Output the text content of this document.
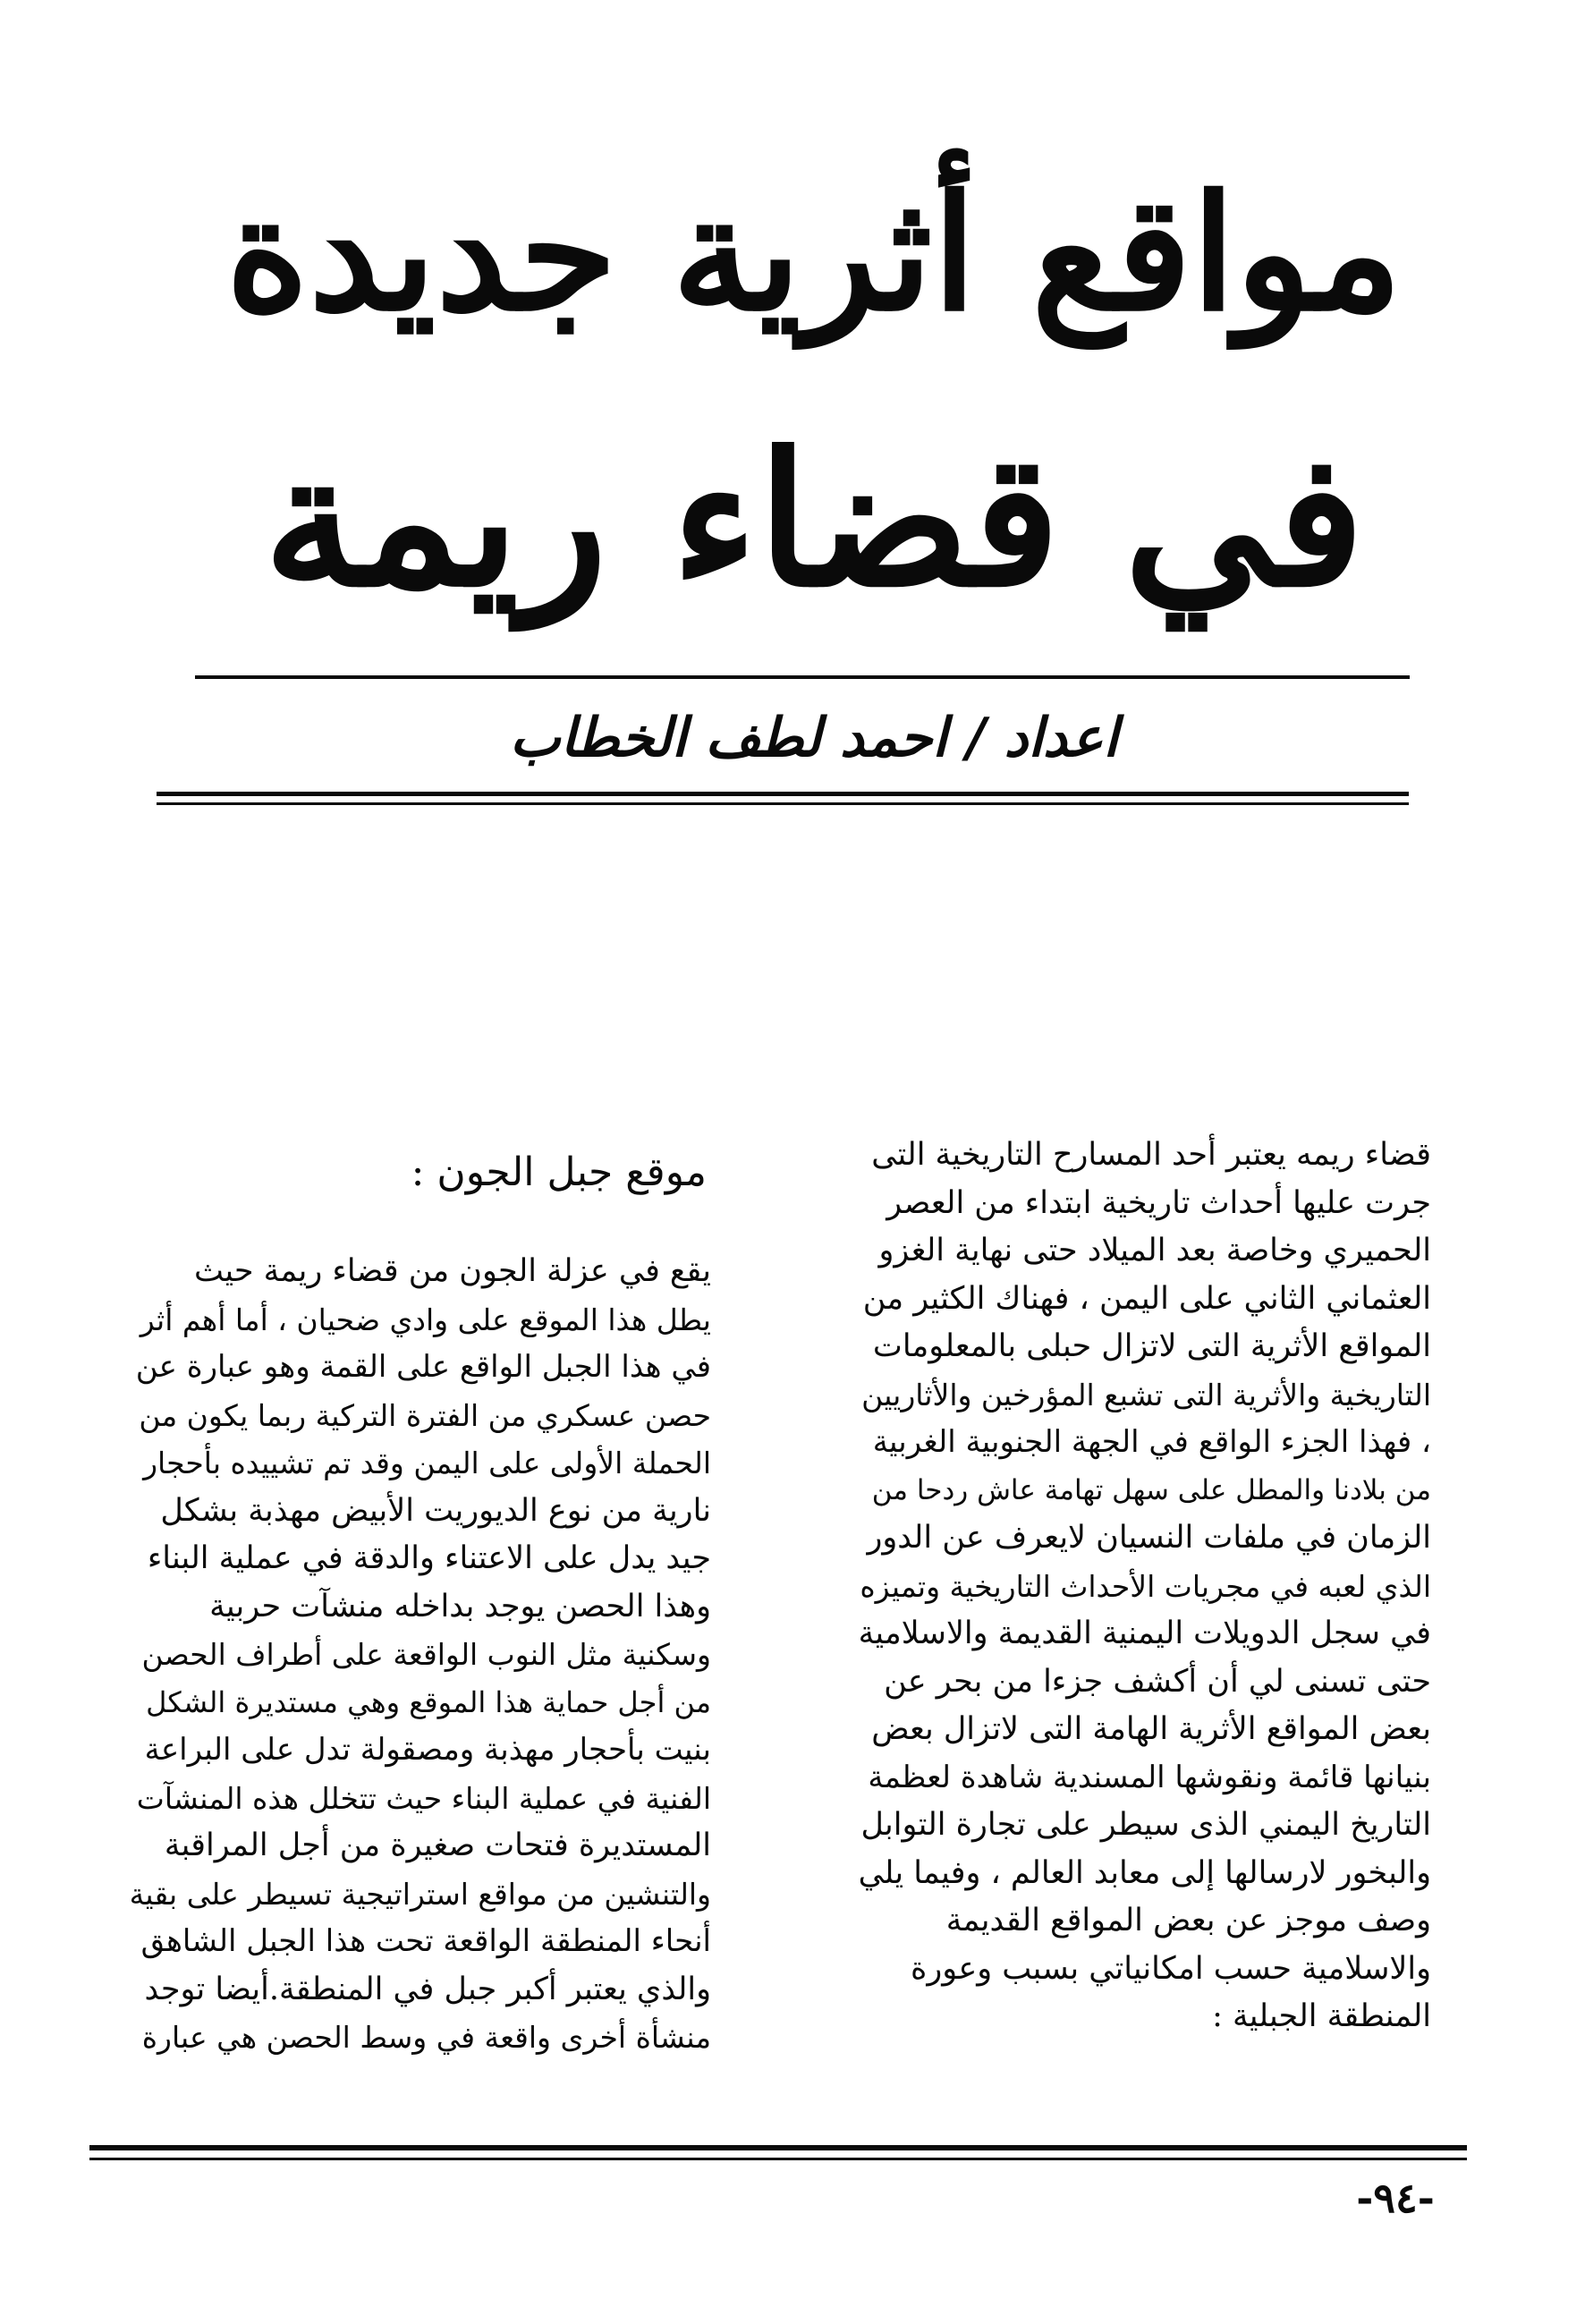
مواقع أثرية جديدة
في قضاء ريمة
اعداد / احمد لطف الخطاب

قضاء ريمه يعتبر أحد المسارح التاريخية التى

جرت عليها أحداث تاريخية ابتداء من العصر

الحميري وخاصة بعد الميلاد حتى نهاية الغزو

العثماني الثاني على اليمن ، فهناك الكثير من

المواقع الأثرية التى لاتزال حبلى بالمعلومات

التاريخية والأثرية التى تشبع المؤرخين والأثاريين

، فهذا الجزء الواقع في الجهة الجنوبية الغربية

من بلادنا والمطل على سهل تهامة عاش ردحا من

الزمان في ملفات النسيان لايعرف عن الدور

الذي لعبه في مجريات الأحداث التاريخية وتميزه

في سجل الدويلات اليمنية القديمة والاسلامية

حتى تسنى لي أن أكشف جزءا من بحر عن

بعض المواقع الأثرية الهامة التى لاتزال بعض

بنيانها قائمة ونقوشها المسندية شاهدة لعظمة

التاريخ اليمني الذى سيطر على تجارة التوابل

والبخور لارسالها إلى معابد العالم ، وفيما يلي

وصف موجز عن بعض المواقع القديمة

والاسلامية حسب امكانياتي بسبب وعورة

المنطقة الجبلية :

موقع جبل الجون :

يقع في عزلة الجون من قضاء ريمة حيث

يطل هذا الموقع على وادي ضحيان ، أما أهم أثر

في هذا الجبل الواقع على القمة وهو عبارة عن

حصن عسكري من الفترة التركية ربما يكون من

الحملة الأولى على اليمن وقد تم تشييده بأحجار

نارية من نوع الديوريت الأبيض مهذبة بشكل

جيد يدل على الاعتناء والدقة في عملية البناء

وهذا الحصن يوجد بداخله منشآت حربية

وسكنية مثل النوب الواقعة على أطراف الحصن

من أجل حماية هذا الموقع وهي مستديرة الشكل

بنيت بأحجار مهذبة ومصقولة تدل على البراعة

الفنية في عملية البناء حيث تتخلل هذه المنشآت

المستديرة فتحات صغيرة من أجل المراقبة

والتنشين من مواقع استراتيجية تسيطر على بقية

أنحاء المنطقة الواقعة تحت هذا الجبل الشاهق

والذي يعتبر أكبر جبل في المنطقة.أيضا توجد

منشأة أخرى واقعة في وسط الحصن هي عبارة

-٩٤-
